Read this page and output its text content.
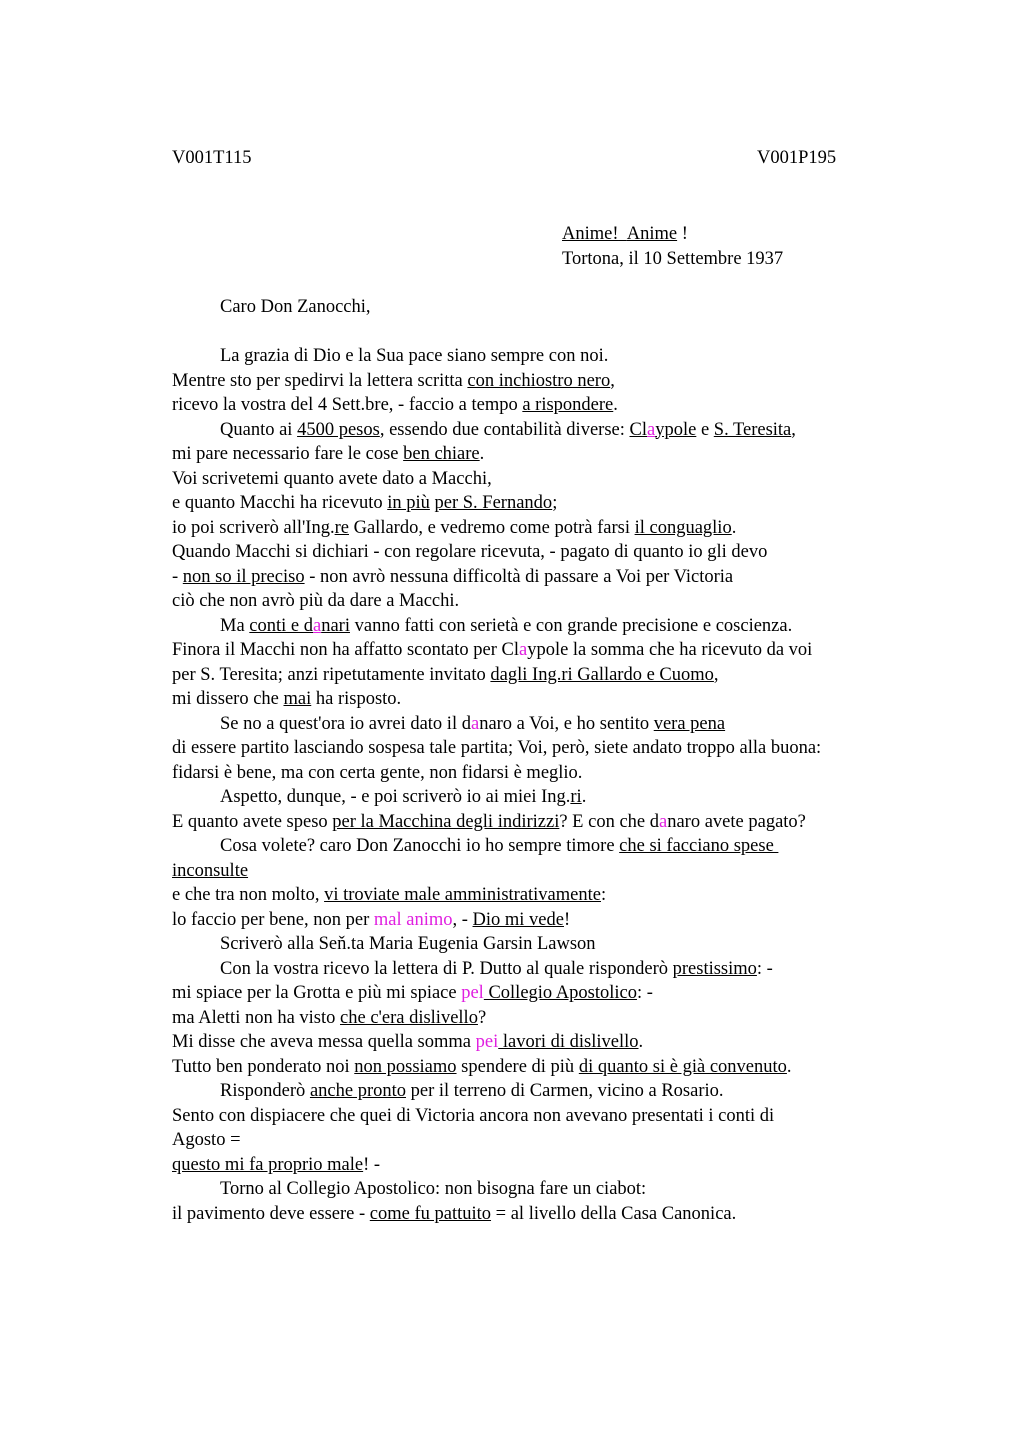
V001T115	V001P195
Anime! Anime !
Tortona, il 10 Settembre 1937
Caro Don Zanocchi,
La grazia di Dio e la Sua pace siano sempre con noi.
Mentre sto per spedirvi la lettera scritta con inchiostro nero,
ricevo la vostra del 4 Sett.bre, - faccio a tempo a rispondere.
Quanto ai 4500 pesos, essendo due contabilità diverse: Claypole e S. Teresita,
mi pare necessario fare le cose ben chiare.
Voi scrivetemi quanto avete dato a Macchi,
e quanto Macchi ha ricevuto in più per S. Fernando;
io poi scriverò all'Ing.re Gallardo, e vedremo come potrà farsi il conguaglio.
Quando Macchi si dichiari - con regolare ricevuta, - pagato di quanto io gli devo
- non so il preciso - non avrò nessuna difficoltà di passare a Voi per Victoria
ciò che non avrò più da dare a Macchi.
Ma conti e danari vanno fatti con serietà e con grande precisione e coscienza.
Finora il Macchi non ha affatto scontato per Claypole la somma che ha ricevuto da voi
per S. Teresita; anzi ripetutamente invitato dagli Ing.ri Gallardo e Cuomo,
mi dissero che mai ha risposto.
Se no a quest'ora io avrei dato il danaro a Voi, e ho sentito vera pena
di essere partito lasciando sospesa tale partita; Voi, però, siete andato troppo alla buona:
fidarsi è bene, ma con certa gente, non fidarsi è meglio.
Aspetto, dunque, - e poi scriverò io ai miei Ing.ri.
E quanto avete speso per la Macchina degli indirizzi? E con che danaro avete pagato?
Cosa volete? caro Don Zanocchi io ho sempre timore che si facciano spese
inconsulte
e che tra non molto, vi troviate male amministrativamente:
lo faccio per bene, non per mal animo, - Dio mi vede!
Scriverò alla Seň.ta Maria Eugenia Garsin Lawson
Con la vostra ricevo la lettera di P. Dutto al quale risponderò prestissimo: -
mi spiace per la Grotta e più mi spiace pel Collegio Apostolico: -
ma Aletti non ha visto che c'era dislivello?
Mi disse che aveva messa quella somma pei lavori di dislivello.
Tutto ben ponderato noi non possiamo spendere di più di quanto si è già convenuto.
Risponderò anche pronto per il terreno di Carmen, vicino a Rosario.
Sento con dispiacere che quei di Victoria ancora non avevano presentati i conti di
Agosto =
questo mi fa proprio male! -
Torno al Collegio Apostolico: non bisogna fare un ciabot:
il pavimento deve essere - come fu pattuito = al livello della Casa Canonica.
